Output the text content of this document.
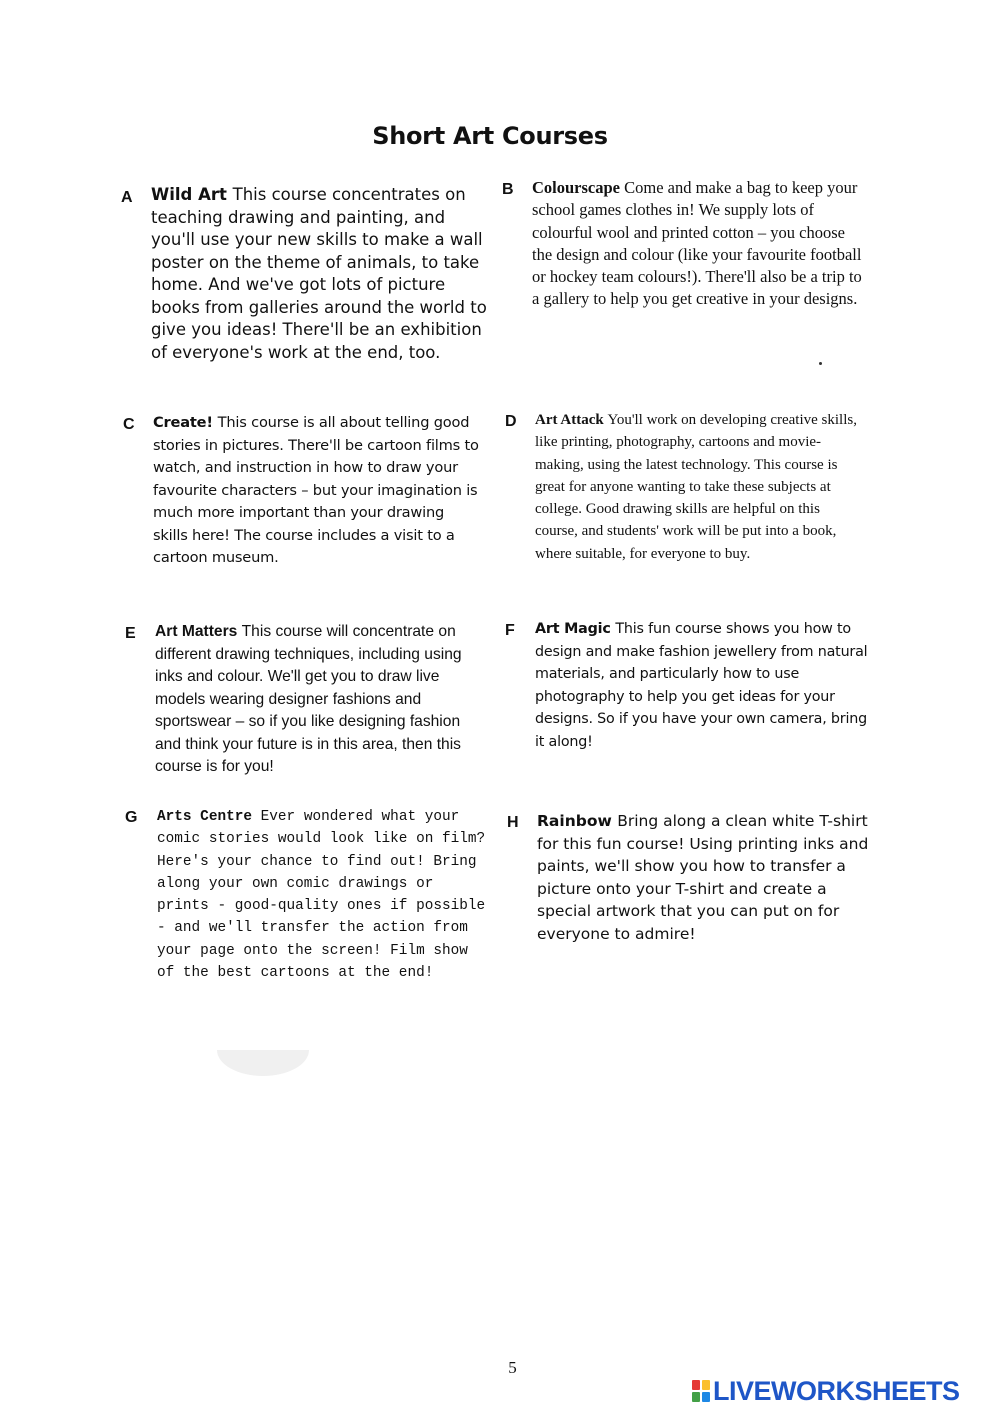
Short Art Courses
A Wild Art This course concentrates on teaching drawing and painting, and you'll use your new skills to make a wall poster on the theme of animals, to take home. And we've got lots of picture books from galleries around the world to give you ideas! There'll be an exhibition of everyone's work at the end, too.
B Colourscape Come and make a bag to keep your school games clothes in! We supply lots of colourful wool and printed cotton – you choose the design and colour (like your favourite football or hockey team colours!). There'll also be a trip to a gallery to help you get creative in your designs.
C Create! This course is all about telling good stories in pictures. There'll be cartoon films to watch, and instruction in how to draw your favourite characters – but your imagination is much more important than your drawing skills here! The course includes a visit to a cartoon museum.
D Art Attack You'll work on developing creative skills, like printing, photography, cartoons and movie-making, using the latest technology. This course is great for anyone wanting to take these subjects at college. Good drawing skills are helpful on this course, and students' work will be put into a book, where suitable, for everyone to buy.
E Art Matters This course will concentrate on different drawing techniques, including using inks and colour. We'll get you to draw live models wearing designer fashions and sportswear – so if you like designing fashion and think your future is in this area, then this course is for you!
F Art Magic This fun course shows you how to design and make fashion jewellery from natural materials, and particularly how to use photography to help you get ideas for your designs. So if you have your own camera, bring it along!
G Arts Centre Ever wondered what your comic stories would look like on film? Here's your chance to find out! Bring along your own comic drawings or prints - good-quality ones if possible - and we'll transfer the action from your page onto the screen! Film show of the best cartoons at the end!
H Rainbow Bring along a clean white T-shirt for this fun course! Using printing inks and paints, we'll show you how to transfer a picture onto your T-shirt and create a special artwork that you can put on for everyone to admire!
5
LIVEWORKSHEETS
